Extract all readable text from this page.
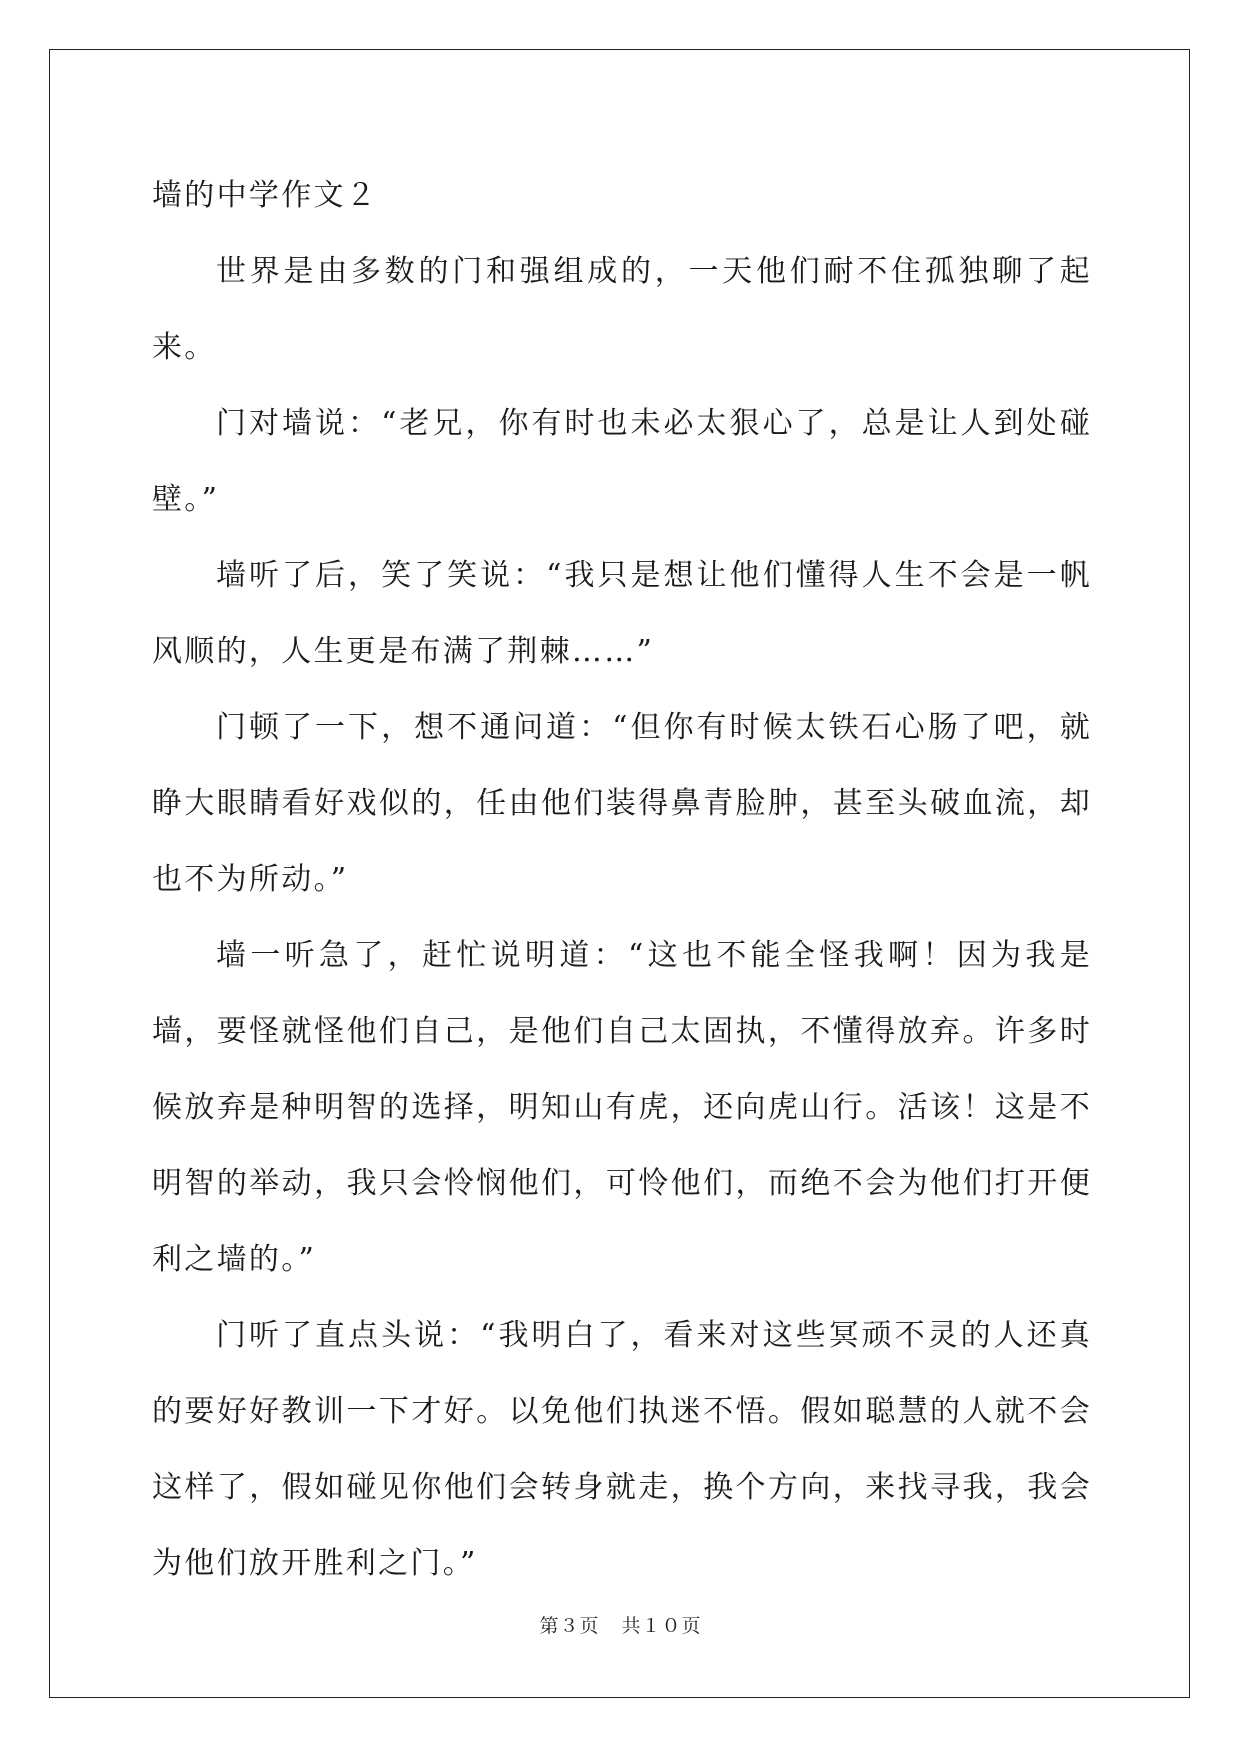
墙的中学作文２

世界是由多数的门和强组成的，一天他们耐不住孤独聊了起来。

门对墙说：“老兄，你有时也未必太狠心了，总是让人到处碰壁。”

墙听了后，笑了笑说：“我只是想让他们懂得人生不会是一帆风顺的，人生更是布满了荆棘……”

门顿了一下，想不通问道：“但你有时候太铁石心肠了吧，就睁大眼睛看好戏似的，任由他们装得鼻青脸肿，甚至头破血流，却也不为所动。”

墙一听急了，赶忙说明道：“这也不能全怪我啊！因为我是墙，要怪就怪他们自己，是他们自己太固执，不懂得放弃。许多时候放弃是种明智的选择，明知山有虎，还向虎山行。活该！这是不明智的举动，我只会怜悯他们，可怜他们，而绝不会为他们打开便利之墙的。”

门听了直点头说：“我明白了，看来对这些冥顽不灵的人还真的要好好教训一下才好。以免他们执迷不悟。假如聪慧的人就不会这样了，假如碰见你他们会转身就走，换个方向，来找寻我，我会为他们放开胜利之门。”

第３页 共１０页
